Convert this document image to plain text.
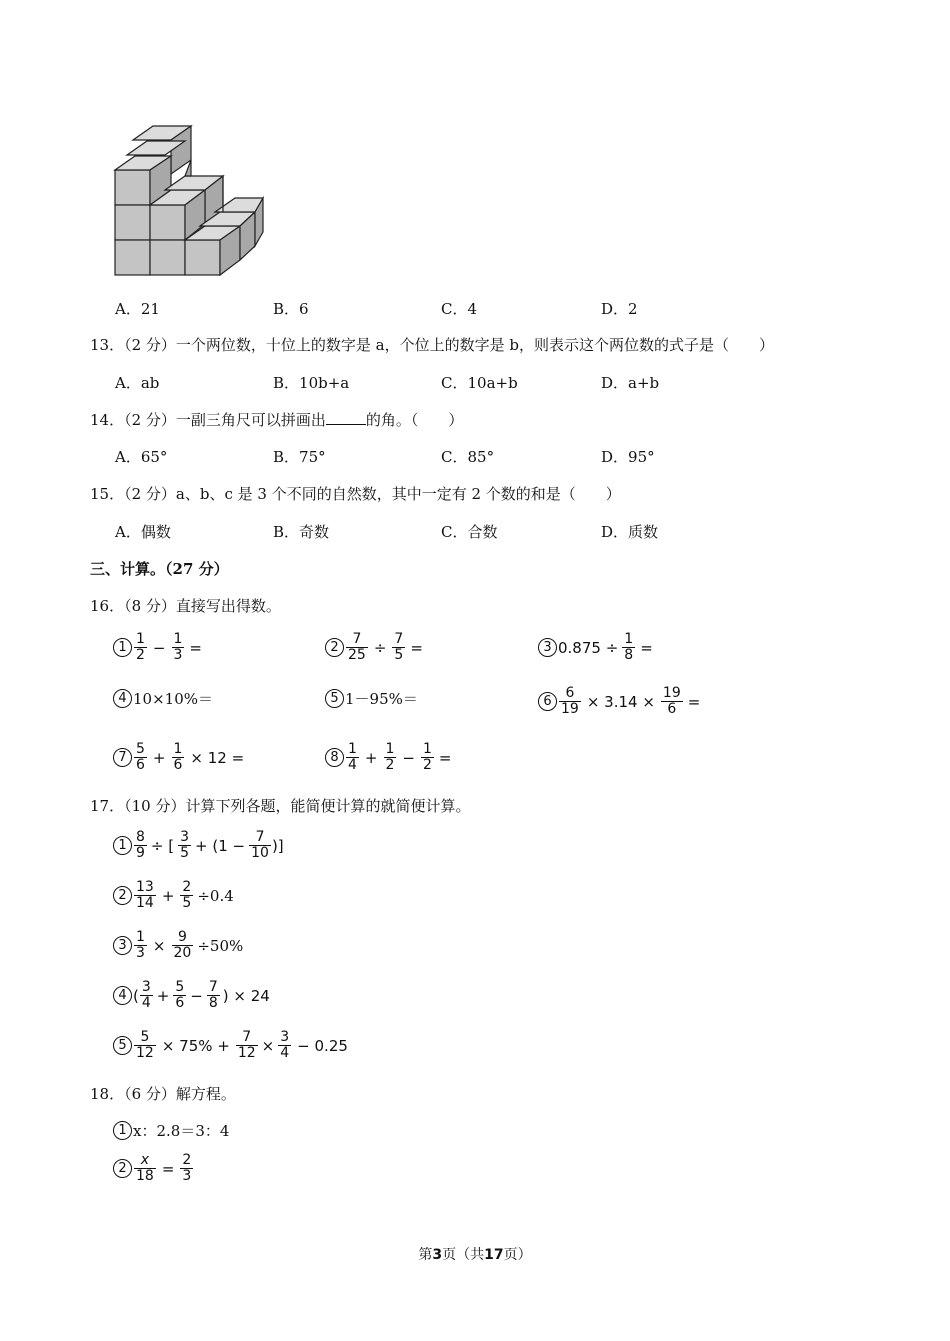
A．21	B．6	C．4	D．2
13．（2 分）一个两位数，十位上的数字是 a，个位上的数字是 b，则表示这个两位数的式子是（　　）
A．ab	B．10b+a	C．10a+b	D．a+b
14．（2 分）一副三角尺可以拼画出	的角。（　　）
A．65°	B．75°	C．85°	D．95°
15．（2 分）a、b、c 是 3 个不同的自然数，其中一定有 2 个数的和是（　　）
A．偶数	B．奇数	C．合数	D．质数
三、计算。（27 分）
16．（8 分）直接写出得数。
$1 \frac{1}{2} - \frac{1}{3}$ =	$2 \frac{7}{25} \div \frac{7}{5}$ =	3 $0.875 \div \frac{1}{8}$ =
4 10×10%＝	5 1－95%＝	$6 \frac{6}{19} \times 3.14 \times \frac{19}{6}$ =
$7 \frac{5}{6} + \frac{1}{6} \times 12$ =	$8 \frac{1}{4} + \frac{1}{2} - \frac{1}{2}$ =
17．（10 分）计算下列各题，能简便计算的就简便计算。
$1 \frac{8}{9}$ ÷ [ $\frac{3}{5} + (1 - \frac{7}{10}$ )]
$2 \frac{13}{14} + \frac{2}{5} \div 0.4$
$3 \frac{1}{3} \times \frac{9}{20} \div 50\%$
4 ( $\frac{3}{4} + \frac{5}{6} - \frac{7}{8}$ ) × 24
$5 \frac{5}{12} \times 75\% + \frac{7}{12} \times \frac{3}{4} - 0.25$
18．（6 分）解方程。
1 x：2.8＝3：4
$2 \frac{x}{18} = \frac{2}{3}$
第3页（共17页）
